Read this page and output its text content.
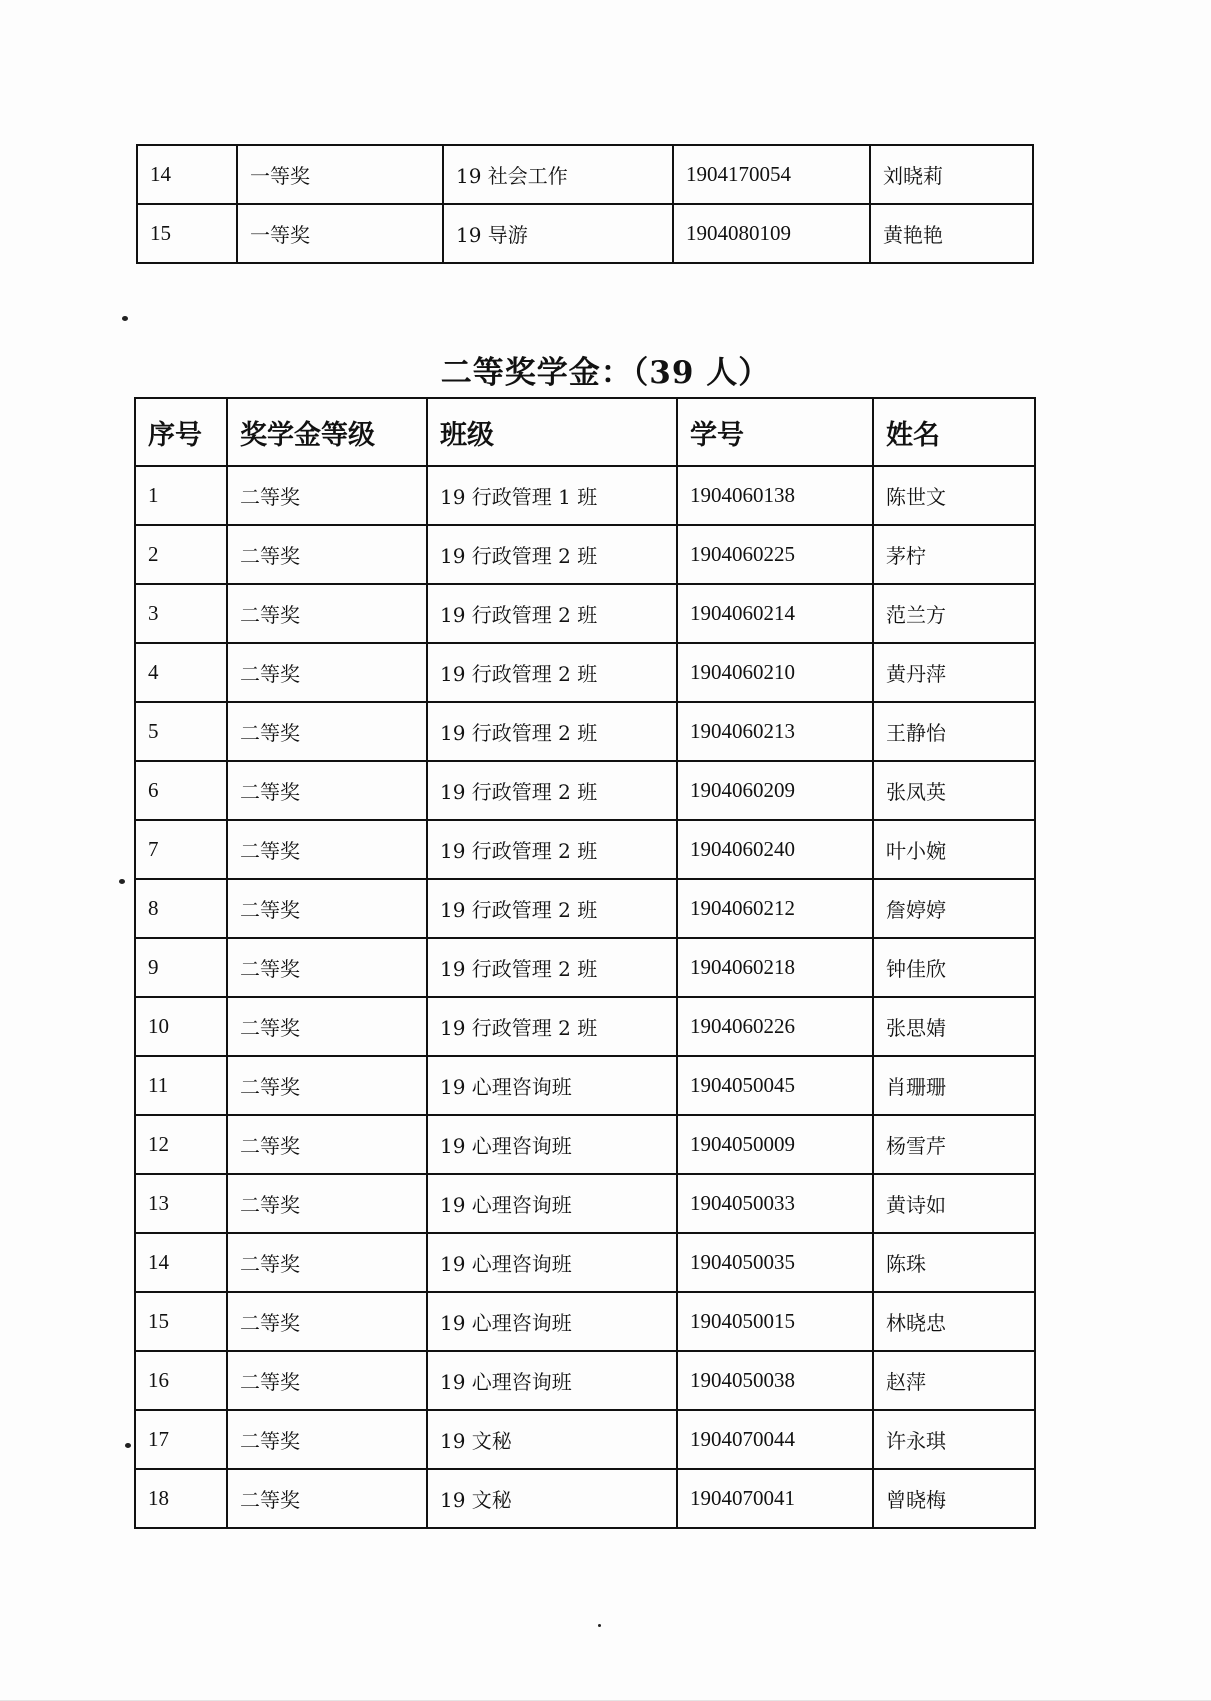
14	一等奖	19 社会工作	1904170054	刘晓莉
15	一等奖	19 导游	1904080109	黄艳艳
二等奖学金：（39 人）
序号	奖学金等级	班级	学号	姓名
1	二等奖	19 行政管理 1 班	1904060138	陈世文
2	二等奖	19 行政管理 2 班	1904060225	茅柠
3	二等奖	19 行政管理 2 班	1904060214	范兰方
4	二等奖	19 行政管理 2 班	1904060210	黄丹萍
5	二等奖	19 行政管理 2 班	1904060213	王静怡
6	二等奖	19 行政管理 2 班	1904060209	张凤英
7	二等奖	19 行政管理 2 班	1904060240	叶小婉
8	二等奖	19 行政管理 2 班	1904060212	詹婷婷
9	二等奖	19 行政管理 2 班	1904060218	钟佳欣
10	二等奖	19 行政管理 2 班	1904060226	张思婧
11	二等奖	19 心理咨询班	1904050045	肖珊珊
12	二等奖	19 心理咨询班	1904050009	杨雪芹
13	二等奖	19 心理咨询班	1904050033	黄诗如
14	二等奖	19 心理咨询班	1904050035	陈珠
15	二等奖	19 心理咨询班	1904050015	林晓忠
16	二等奖	19 心理咨询班	1904050038	赵萍
17	二等奖	19 文秘	1904070044	许永琪
18	二等奖	19 文秘	1904070041	曾晓梅
